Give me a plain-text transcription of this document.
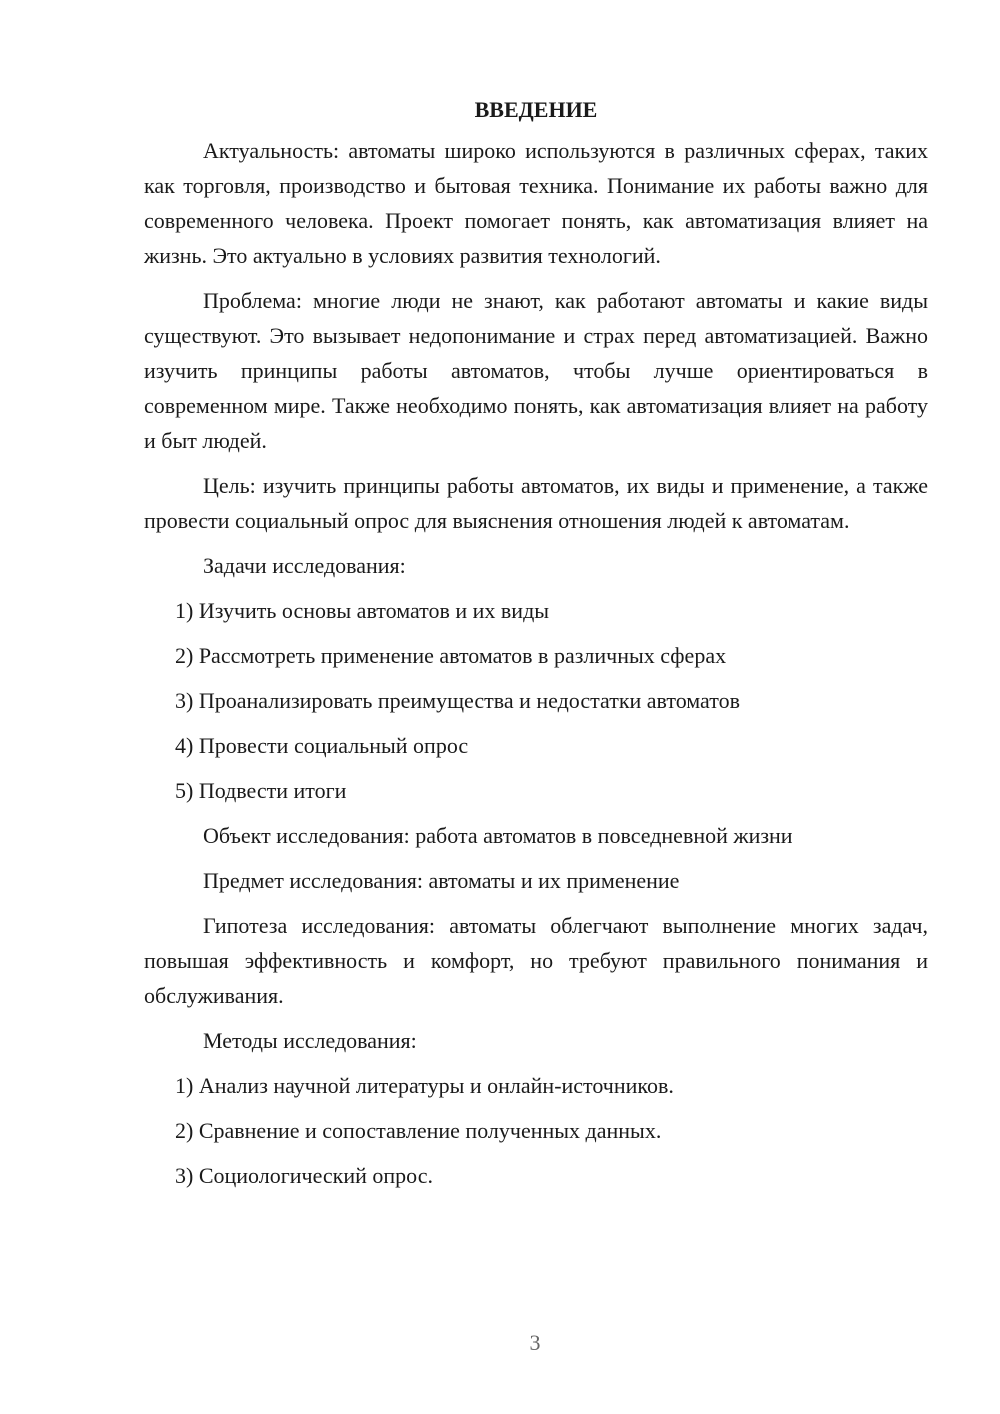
ВВЕДЕНИЕ

Актуальность: автоматы широко используются в различных сферах, таких как торговля, производство и бытовая техника. Понимание их работы важно для современного человека. Проект помогает понять, как автоматизация влияет на жизнь. Это актуально в условиях развития технологий.

Проблема: многие люди не знают, как работают автоматы и какие виды существуют. Это вызывает недопонимание и страх перед автоматизацией. Важно изучить принципы работы автоматов, чтобы лучше ориентироваться в современном мире. Также необходимо понять, как автоматизация влияет на работу и быт людей.

Цель: изучить принципы работы автоматов, их виды и применение, а также провести социальный опрос для выяснения отношения людей к автоматам.

Задачи исследования:
1) Изучить основы автоматов и их виды
2) Рассмотреть применение автоматов в различных сферах
3) Проанализировать преимущества и недостатки автоматов
4) Провести социальный опрос
5) Подвести итоги
Объект исследования: работа автоматов в повседневной жизни
Предмет исследования: автоматы и их применение

Гипотеза исследования: автоматы облегчают выполнение многих задач, повышая эффективность и комфорт, но требуют правильного понимания и обслуживания.

Методы исследования:
1) Анализ научной литературы и онлайн-источников.
2) Сравнение и сопоставление полученных данных.
3) Социологический опрос.
3
